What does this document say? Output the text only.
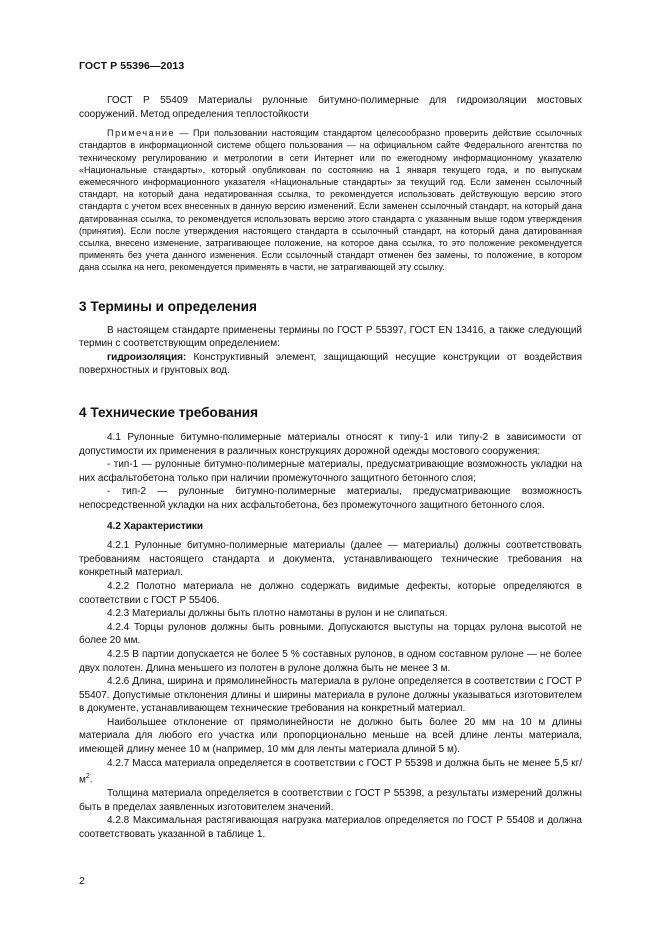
ГОСТ Р 55396—2013

ГОСТ Р 55409 Материалы рулонные битумно-полимерные для гидроизоляции мостовых сооружений. Метод определения теплостойкости

Примечание — При пользовании настоящим стандартом целесообразно проверить действие ссылочных стандартов в информационной системе общего пользования — на официальном сайте Федерального агентства по техническому регулированию и метрологии в сети Интернет или по ежегодному информационному указателю «Национальные стандарты», который опубликован по состоянию на 1 января текущего года, и по выпускам ежемесячного информационного указателя «Национальные стандарты» за текущий год. Если заменен ссылочный стандарт, на который дана недатированная ссылка, то рекомендуется использовать действующую версию этого стандарта с учетом всех внесенных в данную версию изменений. Если заменен ссылочный стандарт, на который дана датированная ссылка, то рекомендуется использовать версию этого стандарта с указанным выше годом утверждения (принятия). Если после утверждения настоящего стандарта в ссылочный стандарт, на который дана датированная ссылка, внесено изменение, затрагивающее положение, на которое дана ссылка, то это положение рекомендуется применять без учета данного изменения. Если ссылочный стандарт отменен без замены, то положение, в котором дана ссылка на него, рекомендуется применять в части, не затрагивающей эту ссылку.

3 Термины и определения

В настоящем стандарте применены термины по ГОСТ Р 55397, ГОСТ EN 13416, а также следующий термин с соответствующим определением:

гидроизоляция: Конструктивный элемент, защищающий несущие конструкции от воздействия поверхностных и грунтовых вод.

4 Технические требования

4.1 Рулонные битумно-полимерные материалы относят к типу-1 или типу-2 в зависимости от допустимости их применения в различных конструкциях дорожной одежды мостового сооружения:

- тип-1 — рулонные битумно-полимерные материалы, предусматривающие возможность укладки на них асфальтобетона только при наличии промежуточного защитного бетонного слоя;

- тип-2 — рулонные битумно-полимерные материалы, предусматривающие возможность непосредственной укладки на них асфальтобетона, без промежуточного защитного бетонного слоя.

4.2 Характеристики

4.2.1 Рулонные битумно-полимерные материалы (далее — материалы) должны соответствовать требованиям настоящего стандарта и документа, устанавливающего технические требования на конкретный материал.

4.2.2 Полотно материала не должно содержать видимые дефекты, которые определяются в соответствии с ГОСТ Р 55406.

4.2.3 Материалы должны быть плотно намотаны в рулон и не слипаться.

4.2.4 Торцы рулонов должны быть ровными. Допускаются выступы на торцах рулона высотой не более 20 мм.

4.2.5 В партии допускается не более 5 % составных рулонов, в одном составном рулоне — не более двух полотен. Длина меньшего из полотен в рулоне должна быть не менее 3 м.

4.2.6 Длина, ширина и прямолинейность материала в рулоне определяется в соответствии с ГОСТ Р 55407. Допустимые отклонения длины и ширины материала в рулоне должны указываться изготовителем в документе, устанавливающем технические требования на конкретный материал.

Наибольшее отклонение от прямолинейности не должно быть более 20 мм на 10 м длины материала для любого его участка или пропорционально меньше на всей длине ленты материала, имеющей длину менее 10 м (например, 10 мм для ленты материала длиной 5 м).

4.2.7 Масса материала определяется в соответствии с ГОСТ Р 55398 и должна быть не менее 5,5 $кг/м^2$.

Толщина материала определяется в соответствии с ГОСТ Р 55398, а результаты измерений должны быть в пределах заявленных изготовителем значений.

4.2.8 Максимальная растягивающая нагрузка материалов определяется по ГОСТ Р 55408 и должна соответствовать указанной в таблице 1.

2
